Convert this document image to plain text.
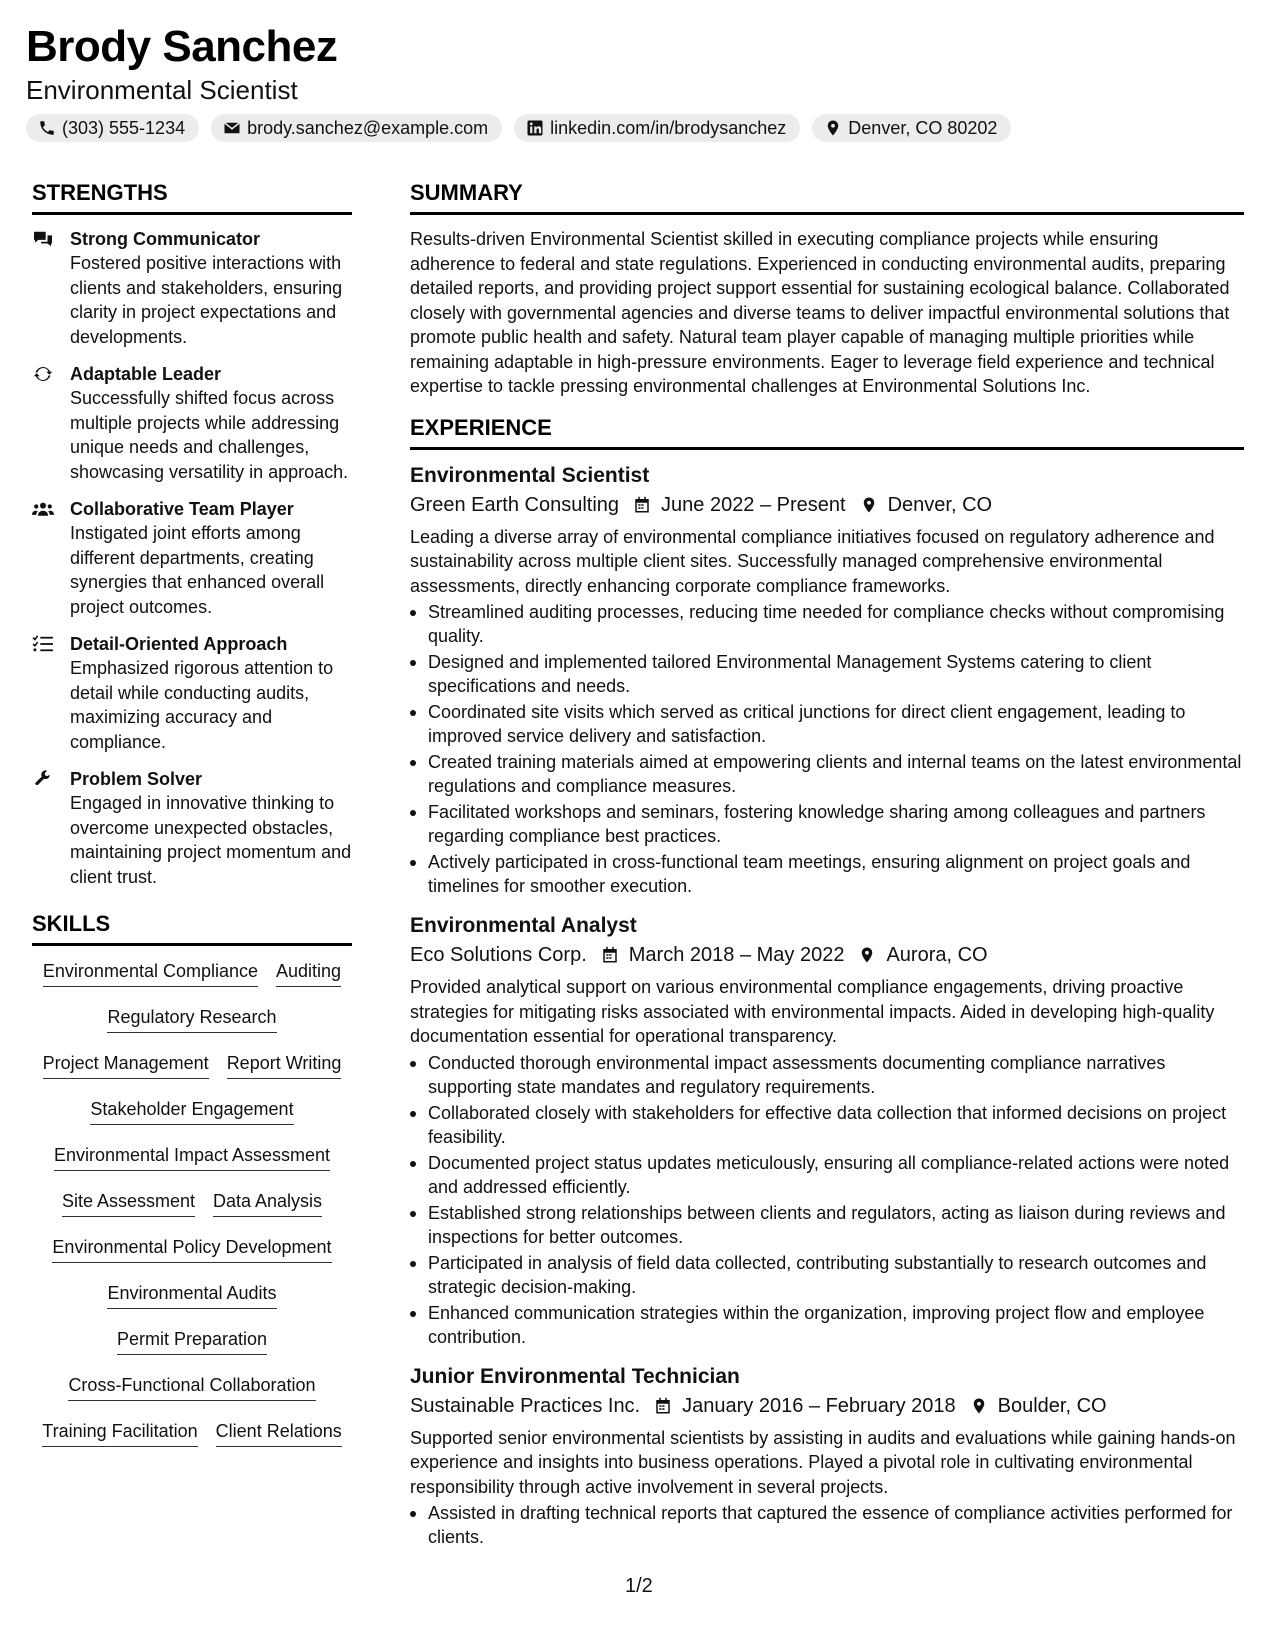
Brody Sanchez
Environmental Scientist
(303) 555-1234	brody.sanchez@example.com	linkedin.com/in/brodysanchez	Denver, CO 80202
STRENGTHS
Strong Communicator
Fostered positive interactions with clients and stakeholders, ensuring clarity in project expectations and developments.
Adaptable Leader
Successfully shifted focus across multiple projects while addressing unique needs and challenges, showcasing versatility in approach.
Collaborative Team Player
Instigated joint efforts among different departments, creating synergies that enhanced overall project outcomes.
Detail-Oriented Approach
Emphasized rigorous attention to detail while conducting audits, maximizing accuracy and compliance.
Problem Solver
Engaged in innovative thinking to overcome unexpected obstacles, maintaining project momentum and client trust.
SKILLS
Environmental Compliance Auditing
Regulatory Research
Project Management Report Writing
Stakeholder Engagement
Environmental Impact Assessment
Site Assessment Data Analysis
Environmental Policy Development
Environmental Audits
Permit Preparation
Cross-Functional Collaboration
Training Facilitation Client Relations
SUMMARY
Results-driven Environmental Scientist skilled in executing compliance projects while ensuring adherence to federal and state regulations. Experienced in conducting environmental audits, preparing detailed reports, and providing project support essential for sustaining ecological balance. Collaborated closely with governmental agencies and diverse teams to deliver impactful environmental solutions that promote public health and safety. Natural team player capable of managing multiple priorities while remaining adaptable in high-pressure environments. Eager to leverage field experience and technical expertise to tackle pressing environmental challenges at Environmental Solutions Inc.
EXPERIENCE
Environmental Scientist
Green Earth Consulting June 2022 – Present Denver, CO
Leading a diverse array of environmental compliance initiatives focused on regulatory adherence and sustainability across multiple client sites. Successfully managed comprehensive environmental assessments, directly enhancing corporate compliance frameworks.
Streamlined auditing processes, reducing time needed for compliance checks without compromising quality.
Designed and implemented tailored Environmental Management Systems catering to client specifications and needs.
Coordinated site visits which served as critical junctions for direct client engagement, leading to improved service delivery and satisfaction.
Created training materials aimed at empowering clients and internal teams on the latest environmental regulations and compliance measures.
Facilitated workshops and seminars, fostering knowledge sharing among colleagues and partners regarding compliance best practices.
Actively participated in cross-functional team meetings, ensuring alignment on project goals and timelines for smoother execution.
Environmental Analyst
Eco Solutions Corp. March 2018 – May 2022 Aurora, CO
Provided analytical support on various environmental compliance engagements, driving proactive strategies for mitigating risks associated with environmental impacts. Aided in developing high-quality documentation essential for operational transparency.
Conducted thorough environmental impact assessments documenting compliance narratives supporting state mandates and regulatory requirements.
Collaborated closely with stakeholders for effective data collection that informed decisions on project feasibility.
Documented project status updates meticulously, ensuring all compliance-related actions were noted and addressed efficiently.
Established strong relationships between clients and regulators, acting as liaison during reviews and inspections for better outcomes.
Participated in analysis of field data collected, contributing substantially to research outcomes and strategic decision-making.
Enhanced communication strategies within the organization, improving project flow and employee contribution.
Junior Environmental Technician
Sustainable Practices Inc. January 2016 – February 2018 Boulder, CO
Supported senior environmental scientists by assisting in audits and evaluations while gaining hands-on experience and insights into business operations. Played a pivotal role in cultivating environmental responsibility through active involvement in several projects.
Assisted in drafting technical reports that captured the essence of compliance activities performed for clients.
1/2
